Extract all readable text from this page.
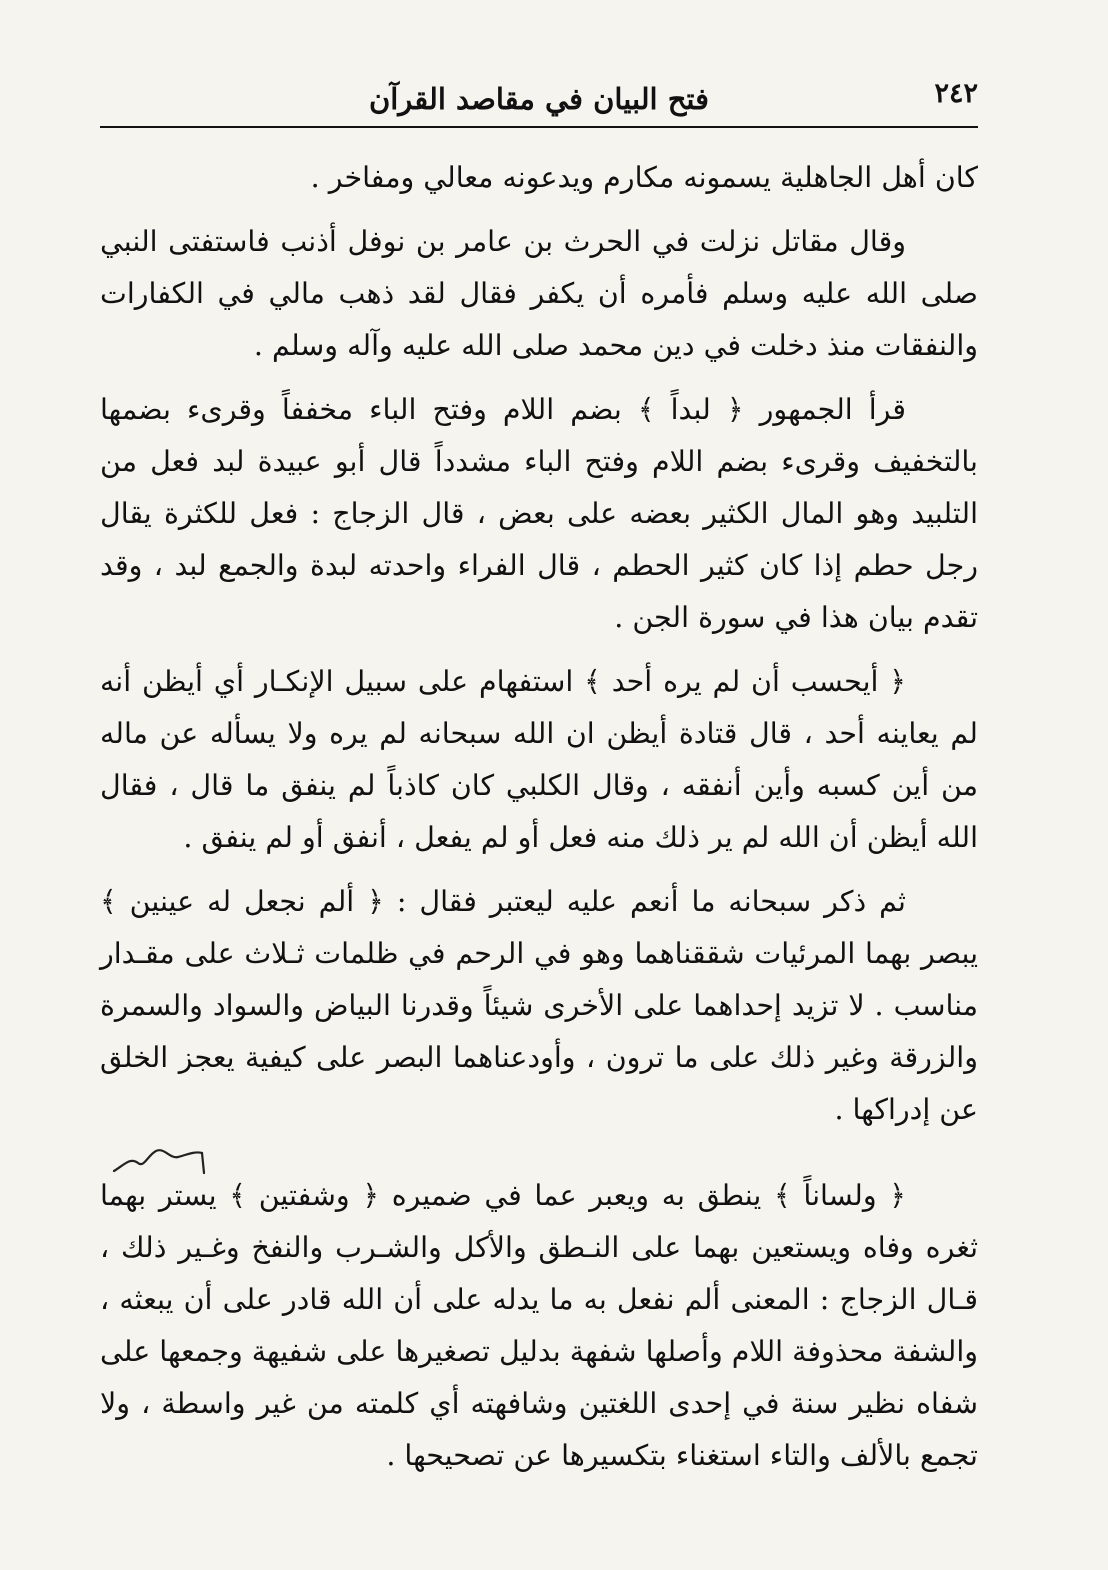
٢٤٢
فتح البيان في مقاصد القرآن

كان أهل الجاهلية يسمونه مكارم ويدعونه معالي ومفاخر .

وقال مقاتل نزلت في الحرث بن عامر بن نوفل أذنب فاستفتى النبي صلى الله عليه وسلم فأمره أن يكفر فقال لقد ذهب مالي في الكفارات والنفقات منذ دخلت في دين محمد صلى الله عليه وآله وسلم .

قرأ الجمهور ﴿ لبداً ﴾ بضم اللام وفتح الباء مخففاً وقرىء بضمها بالتخفيف وقرىء بضم اللام وفتح الباء مشدداً قال أبو عبيدة لبد فعل من التلبيد وهو المال الكثير بعضه على بعض ، قال الزجاج : فعل للكثرة يقال رجل حطم إذا كان كثير الحطم ، قال الفراء واحدته لبدة والجمع لبد ، وقد تقدم بيان هذا في سورة الجن .

﴿ أيحسب أن لم يره أحد ﴾ استفهام على سبيل الإنكـار أي أيظن أنه لم يعاينه أحد ، قال قتادة أيظن ان الله سبحانه لم يره ولا يسأله عن ماله من أين كسبه وأين أنفقه ، وقال الكلبي كان كاذباً لم ينفق ما قال ، فقال الله أيظن أن الله لم ير ذلك منه فعل أو لم يفعل ، أنفق أو لم ينفق .

ثم ذكر سبحانه ما أنعم عليه ليعتبر فقال : ﴿ ألم نجعل له عينين ﴾ يبصر بهما المرئيات شققناهما وهو في الرحم في ظلمات ثـلاث على مقـدار مناسب . لا تزيد إحداهما على الأخرى شيئاً وقدرنا البياض والسواد والسمرة والزرقة وغير ذلك على ما ترون ، وأودعناهما البصر على كيفية يعجز الخلق عن إدراكها .

﴿ ولساناً ﴾ ينطق به ويعبر عما في ضميره ﴿ وشفتين ﴾ يستر بهما ثغره وفاه ويستعين بهما على النـطق والأكل والشـرب والنفخ وغـير ذلك ، قـال الزجاج : المعنى ألم نفعل به ما يدله على أن الله قادر على أن يبعثه ، والشفة محذوفة اللام وأصلها شفهة بدليل تصغيرها على شفيهة وجمعها على شفاه نظير سنة في إحدى اللغتين وشافهته أي كلمته من غير واسطة ، ولا تجمع بالألف والتاء استغناء بتكسيرها عن تصحيحها .
